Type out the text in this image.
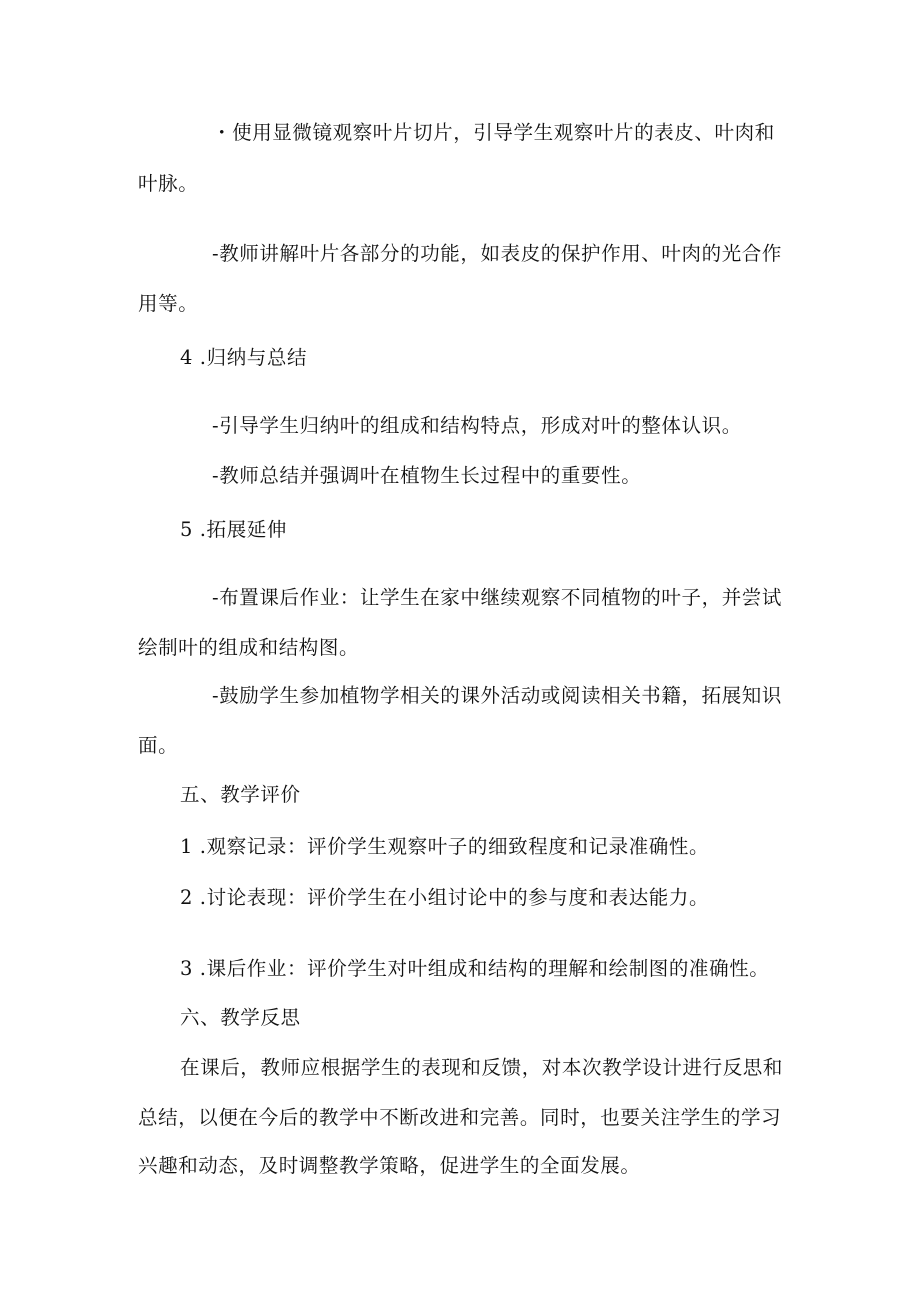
・使用显微镜观察叶片切片，引导学生观察叶片的表皮、叶肉和
叶脉。
-教师讲解叶片各部分的功能，如表皮的保护作用、叶肉的光合作
用等。
4 .归纳与总结
-引导学生归纳叶的组成和结构特点，形成对叶的整体认识。
-教师总结并强调叶在植物生长过程中的重要性。
5 .拓展延伸
-布置课后作业：让学生在家中继续观察不同植物的叶子，并尝试
绘制叶的组成和结构图。
-鼓励学生参加植物学相关的课外活动或阅读相关书籍，拓展知识
面。
五、教学评价
1 .观察记录：评价学生观察叶子的细致程度和记录准确性。
2 .讨论表现：评价学生在小组讨论中的参与度和表达能力。
3 .课后作业：评价学生对叶组成和结构的理解和绘制图的准确性。
六、教学反思
在课后，教师应根据学生的表现和反馈，对本次教学设计进行反思和
总结，以便在今后的教学中不断改进和完善。同时，也要关注学生的学习
兴趣和动态，及时调整教学策略，促进学生的全面发展。
